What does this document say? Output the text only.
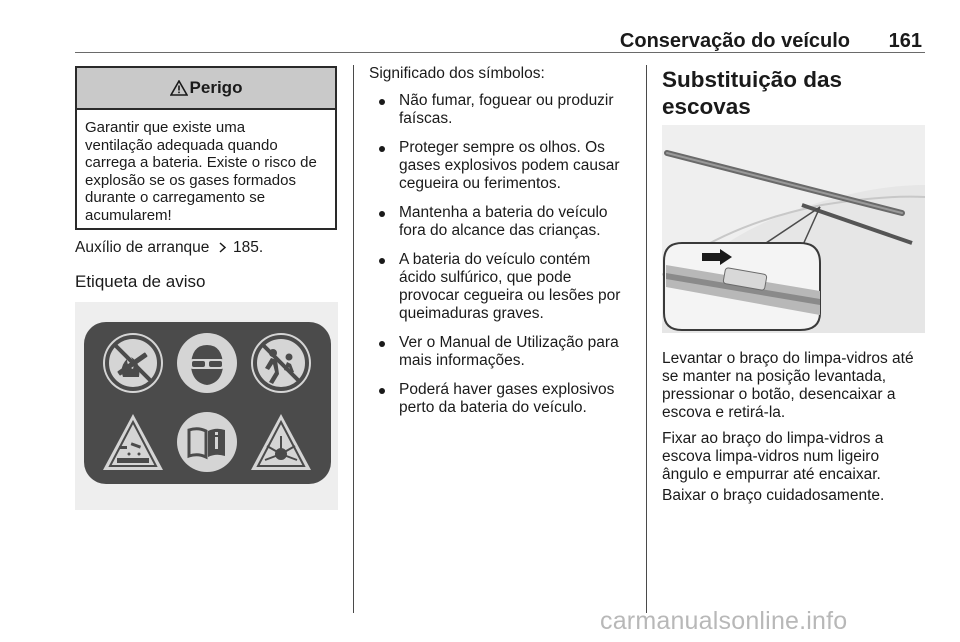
Conservação do veículo 161
Perigo
Garantir que existe uma
ventilação adequada quando
carrega a bateria. Existe o risco de
explosão se os gases formados
durante o carregamento se
acumularem!
Auxílio de arranque 185.
Etiqueta de aviso
Significado dos símbolos:
Não fumar, foguear ou produzir
faíscas.
Proteger sempre os olhos. Os
gases explosivos podem causar
cegueira ou ferimentos.
Mantenha a bateria do veículo
fora do alcance das crianças.
A bateria do veículo contém
ácido sulfúrico, que pode
provocar cegueira ou lesões por
queimaduras graves.
Ver o Manual de Utilização para
mais informações.
Poderá haver gases explosivos
perto da bateria do veículo.
Substituição das escovas
Levantar o braço do limpa-vidros até
se manter na posição levantada,
pressionar o botão, desencaixar a
escova e retirá-la.
Fixar ao braço do limpa-vidros a
escova limpa-vidros num ligeiro
ângulo e empurrar até encaixar.
Baixar o braço cuidadosamente.
carmanualsonline.info
